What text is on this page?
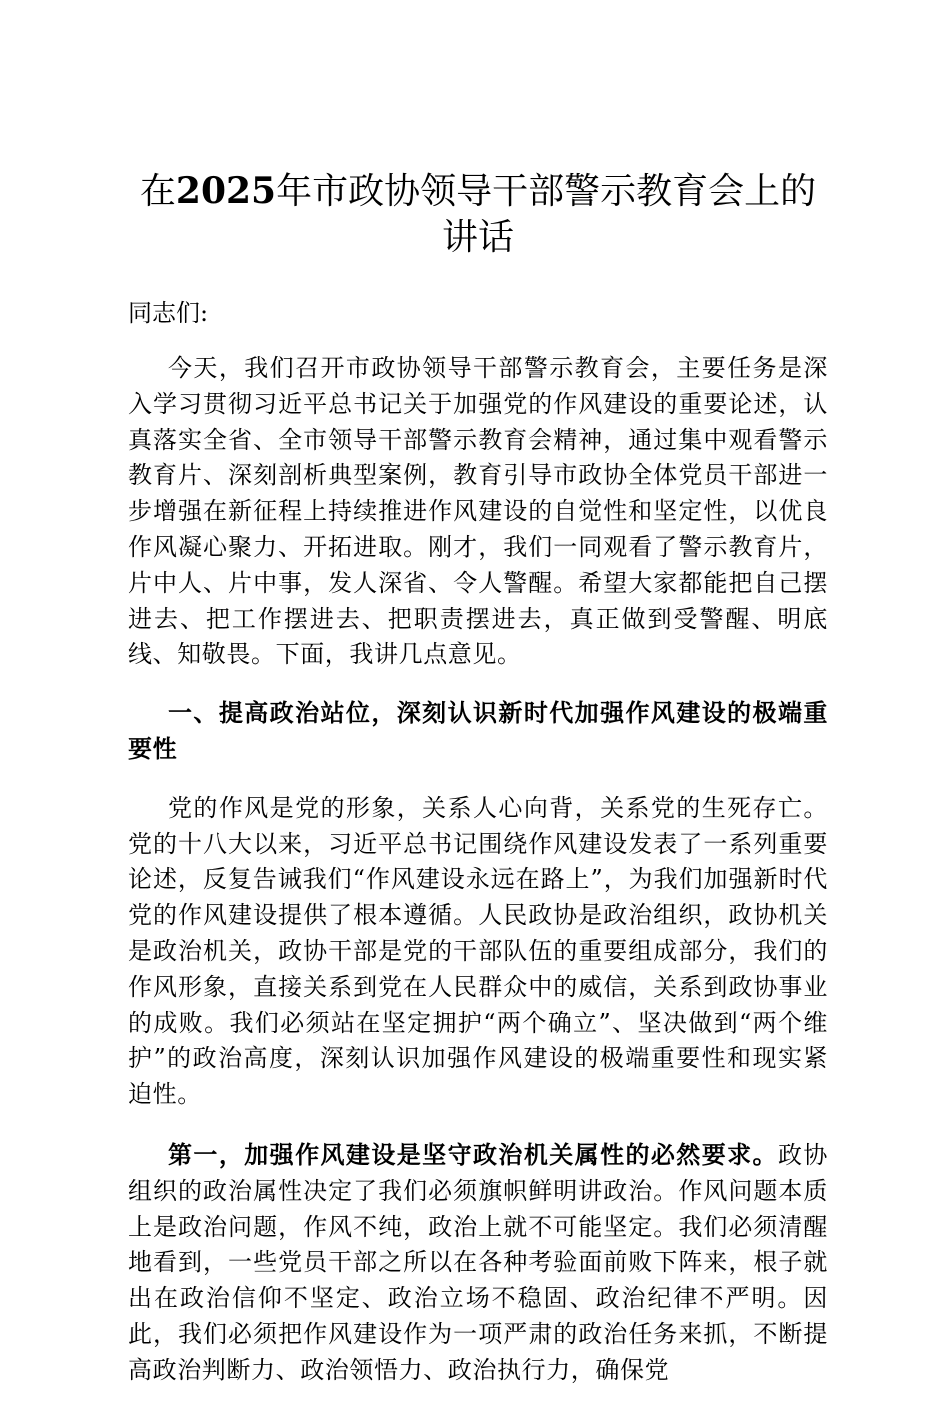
在2025年市政协领导干部警示教育会上的讲话
同志们:

今天，我们召开市政协领导干部警示教育会，主要任务是深入学习贯彻习近平总书记关于加强党的作风建设的重要论述，认真落实全省、全市领导干部警示教育会精神，通过集中观看警示教育片、深刻剖析典型案例，教育引导市政协全体党员干部进一步增强在新征程上持续推进作风建设的自觉性和坚定性，以优良作风凝心聚力、开拓进取。刚才，我们一同观看了警示教育片，片中人、片中事，发人深省、令人警醒。希望大家都能把自己摆进去、把工作摆进去、把职责摆进去，真正做到受警醒、明底线、知敬畏。下面，我讲几点意见。

一、提高政治站位，深刻认识新时代加强作风建设的极端重要性

党的作风是党的形象，关系人心向背，关系党的生死存亡。党的十八大以来，习近平总书记围绕作风建设发表了一系列重要论述，反复告诫我们“作风建设永远在路上”，为我们加强新时代党的作风建设提供了根本遵循。人民政协是政治组织，政协机关是政治机关，政协干部是党的干部队伍的重要组成部分，我们的作风形象，直接关系到党在人民群众中的威信，关系到政协事业的成败。我们必须站在坚定拥护“两个确立”、坚决做到“两个维护”的政治高度，深刻认识加强作风建设的极端重要性和现实紧迫性。

第一，加强作风建设是坚守政治机关属性的必然要求。政协组织的政治属性决定了我们必须旗帜鲜明讲政治。作风问题本质上是政治问题，作风不纯，政治上就不可能坚定。我们必须清醒地看到，一些党员干部之所以在各种考验面前败下阵来，根子就出在政治信仰不坚定、政治立场不稳固、政治纪律不严明。因此，我们必须把作风建设作为一项严肃的政治任务来抓，不断提高政治判断力、政治领悟力、政治执行力，确保党
